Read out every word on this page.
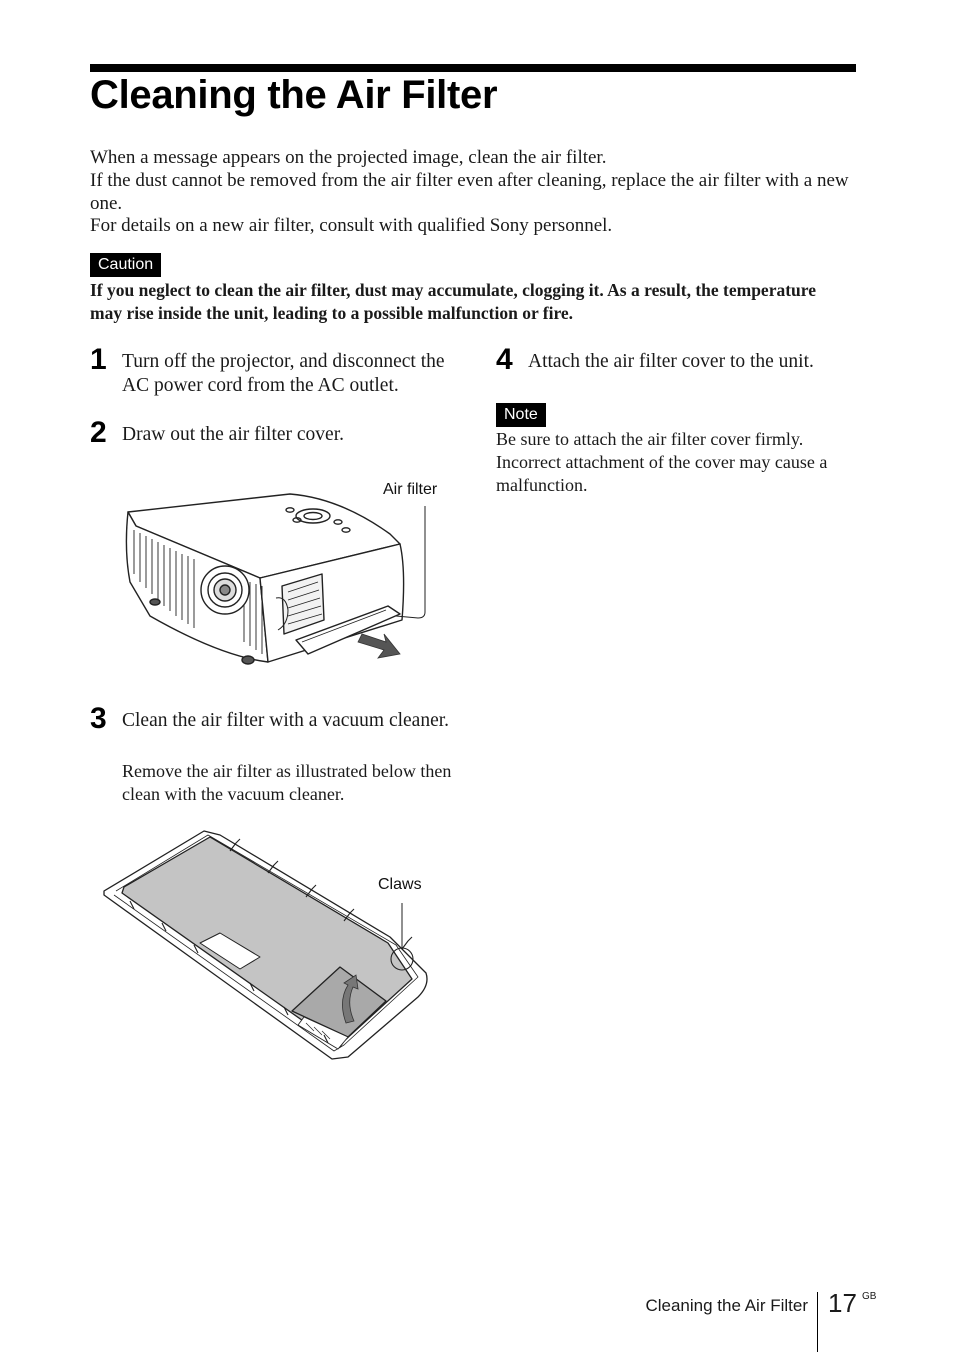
Cleaning the Air Filter
When a message appears on the projected image, clean the air filter.
If the dust cannot be removed from the air filter even after cleaning, replace the air filter with a new one.
For details on a new air filter, consult with qualified Sony personnel.
Caution
If you neglect to clean the air filter, dust may accumulate, clogging it. As a result, the temperature may rise inside the unit, leading to a possible malfunction or fire.
1 Turn off the projector, and disconnect the AC power cord from the AC outlet.
2 Draw out the air filter cover.
Air filter
3 Clean the air filter with a vacuum cleaner.
Remove the air filter as illustrated below then clean with the vacuum cleaner.
Claws
4 Attach the air filter cover to the unit.
Note
Be sure to attach the air filter cover firmly. Incorrect attachment of the cover may cause a malfunction.
Cleaning the Air Filter 17 GB
